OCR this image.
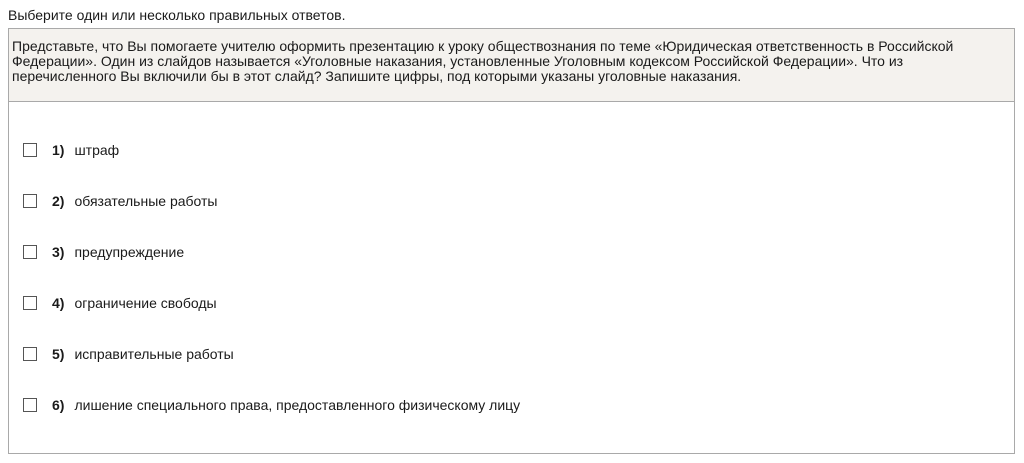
Выберите один или несколько правильных ответов.
Представьте, что Вы помогаете учителю оформить презентацию к уроку обществознания по теме «Юридическая ответственность в Российской Федерации». Один из слайдов называется «Уголовные наказания, установленные Уголовным кодексом Российской Федерации». Что из перечисленного Вы включили бы в этот слайд? Запишите цифры, под которыми указаны уголовные наказания.
1) штраф
2) обязательные работы
3) предупреждение
4) ограничение свободы
5) исправительные работы
6) лишение специального права, предоставленного физическому лицу
